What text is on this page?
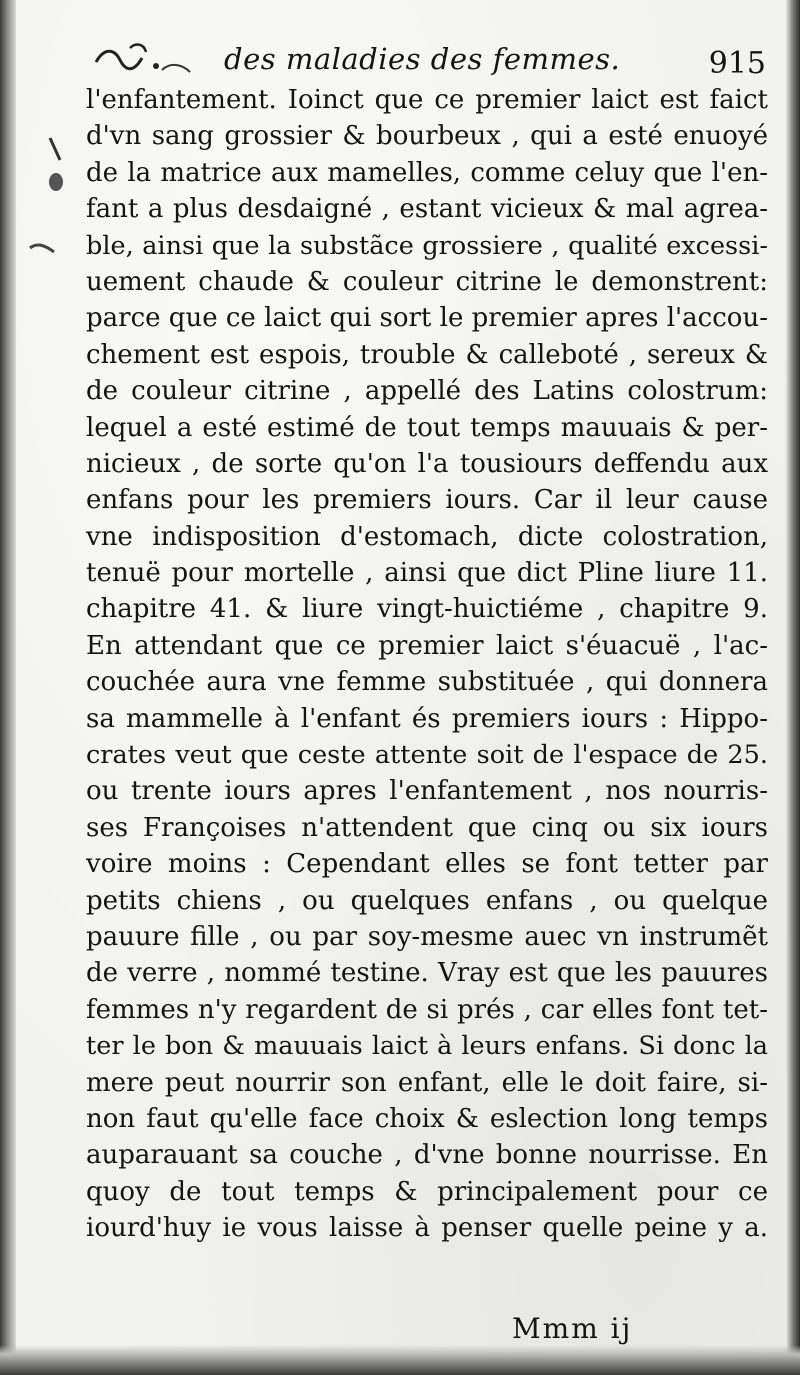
des maladies des femmes.	915
l'enfantement. Ioinct que ce premier laict est faict
d'vn sang grossier & bourbeux , qui a esté enuoyé
de la matrice aux mamelles, comme celuy que l'en-
fant a plus desdaigné , estant vicieux & mal agrea-
ble, ainsi que la substãce grossiere , qualité excessi-
uement chaude & couleur citrine le demonstrent:
parce que ce laict qui sort le premier apres l'accou-
chement est espois, trouble & calleboté , sereux &
de couleur citrine , appellé des Latins colostrum:
lequel a esté estimé de tout temps mauuais & per-
nicieux , de sorte qu'on l'a tousiours deffendu aux
enfans pour les premiers iours. Car il leur cause
vne indisposition d'estomach, dicte colostration,
tenuë pour mortelle , ainsi que dict Pline liure 11.
chapitre 41. & liure vingt-huictiéme , chapitre 9.
En attendant que ce premier laict s'éuacuë , l'ac-
couchée aura vne femme substituée , qui donnera
sa mammelle à l'enfant és premiers iours : Hippo-
crates veut que ceste attente soit de l'espace de 25.
ou trente iours apres l'enfantement , nos nourris-
ses Françoises n'attendent que cinq ou six iours
voire moins : Cependant elles se font tetter par
petits chiens , ou quelques enfans , ou quelque
pauure fille , ou par soy-mesme auec vn instrumẽt
de verre , nommé testine. Vray est que les pauures
femmes n'y regardent de si prés , car elles font tet-
ter le bon & mauuais laict à leurs enfans. Si donc la
mere peut nourrir son enfant, elle le doit faire, si-
non faut qu'elle face choix & eslection long temps
auparauant sa couche , d'vne bonne nourrisse. En
quoy de tout temps & principalement pour ce
iourd'huy ie vous laisse à penser quelle peine y a.
Mmm ij
